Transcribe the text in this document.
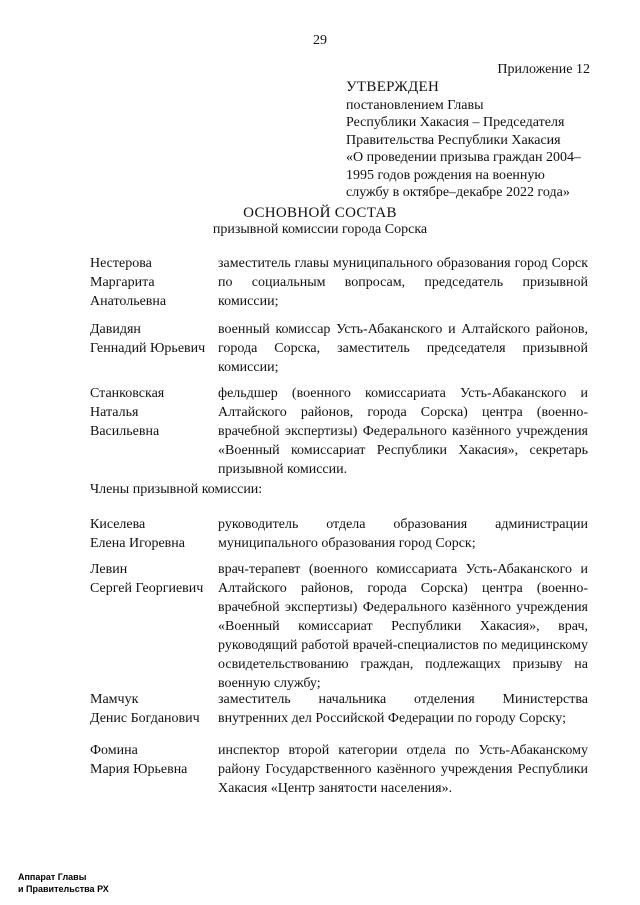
29
Приложение 12
УТВЕРЖДЕН
постановлением Главы
Республики Хакасия – Председателя
Правительства Республики Хакасия
«О проведении призыва граждан 2004–
1995 годов рождения на военную
службу в октябре–декабре 2022 года»
ОСНОВНОЙ СОСТАВ
призывной комиссии города Сорска
Нестерова
Маргарита
Анатольевна
заместитель главы муниципального образования город Сорск по социальным вопросам, председатель призывной комиссии;
Давидян
Геннадий Юрьевич
военный комиссар Усть-Абаканского и Алтайского районов, города Сорска, заместитель председателя призывной комиссии;
Станковская
Наталья
Васильевна
фельдшер (военного комиссариата Усть-Абаканского и Алтайского районов, города Сорска) центра (военно-врачебной экспертизы) Федерального казённого учреждения «Военный комиссариат Республики Хакасия», секретарь призывной комиссии.
Члены призывной комиссии:
Киселева
Елена Игоревна
руководитель отдела образования администрации муниципального образования город Сорск;
Левин
Сергей Георгиевич
врач-терапевт (военного комиссариата Усть-Абаканского и Алтайского районов, города Сорска) центра (военно-врачебной экспертизы) Федерального казённого учреждения «Военный комиссариат Республики Хакасия», врач, руководящий работой врачей-специалистов по медицинскому освидетельствованию граждан, подлежащих призыву на военную службу;
Мамчук
Денис Богданович
заместитель начальника отделения Министерства внутренних дел Российской Федерации по городу Сорску;
Фомина
Мария Юрьевна
инспектор второй категории отдела по Усть-Абаканскому району Государственного казённого учреждения Республики Хакасия «Центр занятости населения».
Аппарат Главы
и Правительства РХ
